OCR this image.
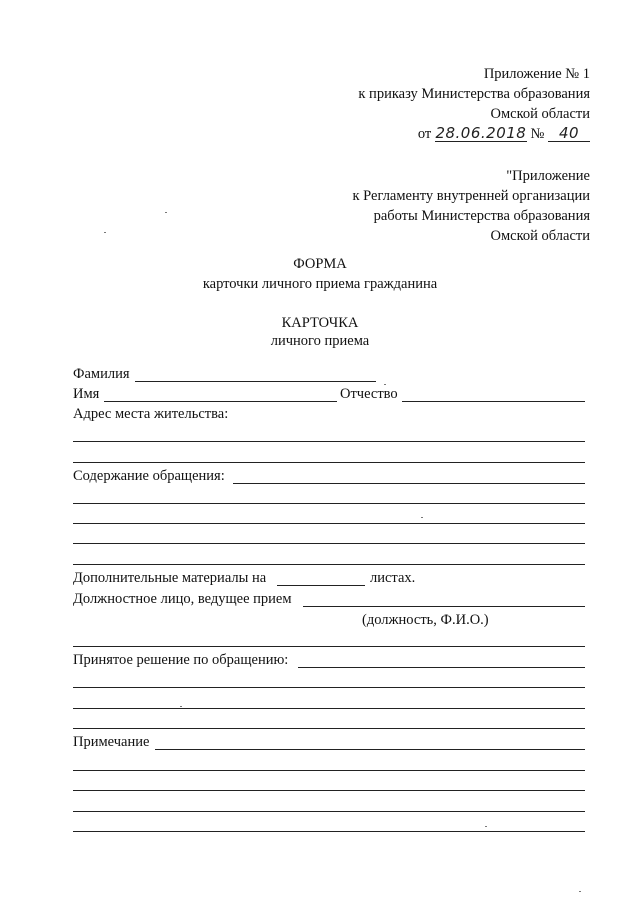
Приложение № 1
к приказу Министерства образования
Омской области
от 28.06.2018 № 40
"Приложение
к Регламенту внутренней организации
работы Министерства образования
Омской области
ФОРМА
карточки личного приема гражданина
КАРТОЧКА
личного приема
Фамилия
Имя	Отчество
Адрес места жительства:
Содержание обращения:
Дополнительные материалы на	листах.
Должностное лицо, ведущее прием
(должность, Ф.И.О.)
Принятое решение по обращению:
Примечание
